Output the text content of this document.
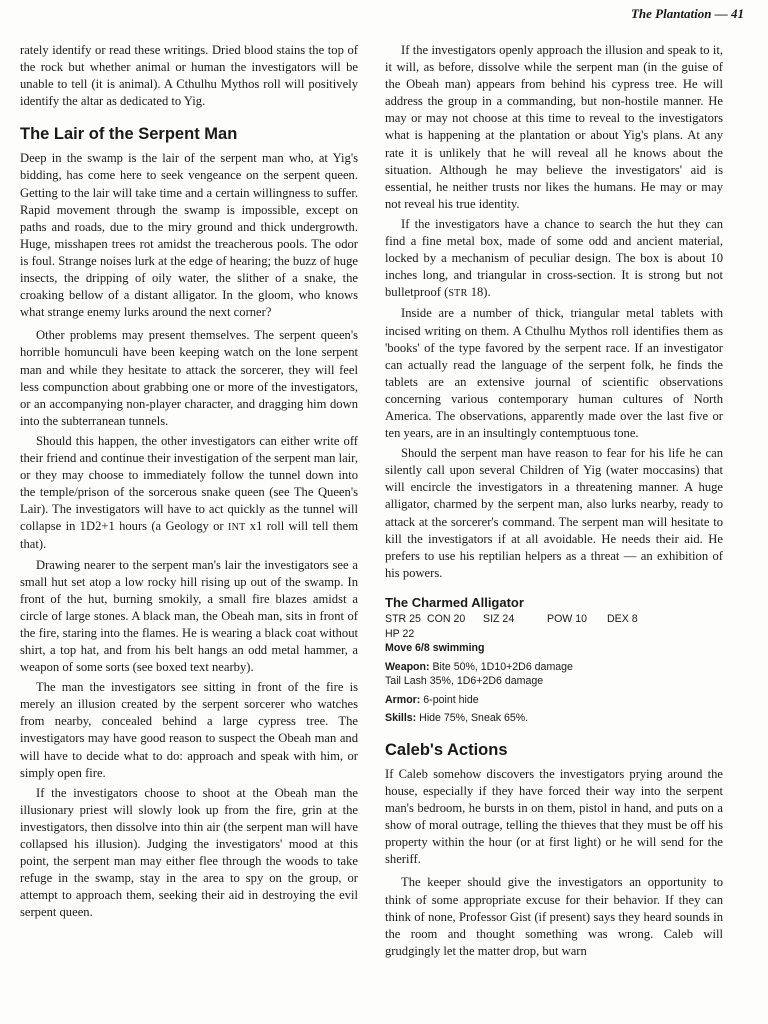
The Plantation — 41

rately identify or read these writings. Dried blood stains the top of the rock but whether animal or human the investigators will be unable to tell (it is animal). A Cthulhu Mythos roll will positively identify the altar as dedicated to Yig.

The Lair of the Serpent Man

Deep in the swamp is the lair of the serpent man who, at Yig's bidding, has come here to seek vengeance on the serpent queen. Getting to the lair will take time and a certain willingness to suffer. Rapid movement through the swamp is impossible, except on paths and roads, due to the miry ground and thick undergrowth. Huge, misshapen trees rot amidst the treacherous pools. The odor is foul. Strange noises lurk at the edge of hearing; the buzz of huge insects, the dripping of oily water, the slither of a snake, the croaking bellow of a distant alligator. In the gloom, who knows what strange enemy lurks around the next corner?

Other problems may present themselves. The serpent queen's horrible homunculi have been keeping watch on the lone serpent man and while they hesitate to attack the sorcerer, they will feel less compunction about grabbing one or more of the investigators, or an accompanying non-player character, and dragging him down into the subterranean tunnels.

Should this happen, the other investigators can either write off their friend and continue their investigation of the serpent man lair, or they may choose to immediately follow the tunnel down into the temple/prison of the sorcerous snake queen (see The Queen's Lair). The investigators will have to act quickly as the tunnel will collapse in 1D2+1 hours (a Geology or INT x1 roll will tell them that).

Drawing nearer to the serpent man's lair the investigators see a small hut set atop a low rocky hill rising up out of the swamp. In front of the hut, burning smokily, a small fire blazes amidst a circle of large stones. A black man, the Obeah man, sits in front of the fire, staring into the flames. He is wearing a black coat without shirt, a top hat, and from his belt hangs an odd metal hammer, a weapon of some sorts (see boxed text nearby).

The man the investigators see sitting in front of the fire is merely an illusion created by the serpent sorcerer who watches from nearby, concealed behind a large cypress tree. The investigators may have good reason to suspect the Obeah man and will have to decide what to do: approach and speak with him, or simply open fire.

If the investigators choose to shoot at the Obeah man the illusionary priest will slowly look up from the fire, grin at the investigators, then dissolve into thin air (the serpent man will have collapsed his illusion). Judging the investigators' mood at this point, the serpent man may either flee through the woods to take refuge in the swamp, stay in the area to spy on the group, or attempt to approach them, seeking their aid in destroying the evil serpent queen.

If the investigators openly approach the illusion and speak to it, it will, as before, dissolve while the serpent man (in the guise of the Obeah man) appears from behind his cypress tree. He will address the group in a commanding, but non-hostile manner. He may or may not choose at this time to reveal to the investigators what is happening at the plantation or about Yig's plans. At any rate it is unlikely that he will reveal all he knows about the situation. Although he may believe the investigators' aid is essential, he neither trusts nor likes the humans. He may or may not reveal his true identity.

If the investigators have a chance to search the hut they can find a fine metal box, made of some odd and ancient material, locked by a mechanism of peculiar design. The box is about 10 inches long, and triangular in cross-section. It is strong but not bulletproof (STR 18).

Inside are a number of thick, triangular metal tablets with incised writing on them. A Cthulhu Mythos roll identifies them as 'books' of the type favored by the serpent race. If an investigator can actually read the language of the serpent folk, he finds the tablets are an extensive journal of scientific observations concerning various contemporary human cultures of North America. The observations, apparently made over the last five or ten years, are in an insultingly contemptuous tone.

Should the serpent man have reason to fear for his life he can silently call upon several Children of Yig (water moccasins) that will encircle the investigators in a threatening manner. A huge alligator, charmed by the serpent man, also lurks nearby, ready to attack at the sorcerer's command. The serpent man will hesitate to kill the investigators if at all avoidable. He needs their aid. He prefers to use his reptilian helpers as a threat — an exhibition of his powers.

The Charmed Alligator
STR 25 CON 20	SIZ 24	POW 10	DEX 8
HP 22
Move 6/8 swimming
Weapon: Bite 50%, 1D10+2D6 damage
Tail Lash 35%, 1D6+2D6 damage
Armor: 6-point hide
Skills: Hide 75%, Sneak 65%.
Caleb's Actions

If Caleb somehow discovers the investigators prying around the house, especially if they have forced their way into the serpent man's bedroom, he bursts in on them, pistol in hand, and puts on a show of moral outrage, telling the thieves that they must be off his property within the hour (or at first light) or he will send for the sheriff.

The keeper should give the investigators an opportunity to think of some appropriate excuse for their behavior. If they can think of none, Professor Gist (if present) says they heard sounds in the room and thought something was wrong. Caleb will grudgingly let the matter drop, but warn
